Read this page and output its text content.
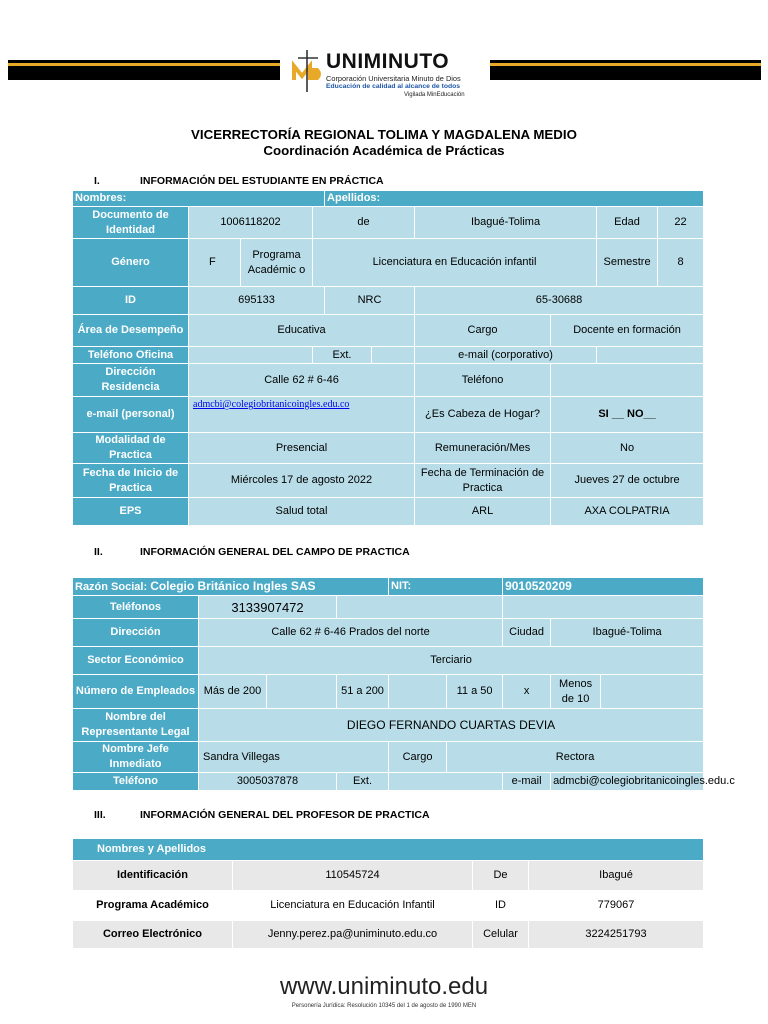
UNIMINUTO
Corporación Universitaria Minuto de Dios
Educación de calidad al alcance de todos
Vigilada MinEducación
VICERRECTORÍA REGIONAL TOLIMA Y MAGDALENA MEDIO
Coordinación Académica de Prácticas
I.	INFORMACIÓN DEL ESTUDIANTE EN PRÁCTICA
Nombres:				Apellidos:					
Documento de Identidad	1006118202		de			Ibagué-Tolima		Edad	22
Género	F	Programa Académic o	Licenciatura en Educación infantil					Semestre	8
ID	695133			NRC		65-30688			
Área de Desempeño	Educativa					Cargo	Docente en formación		
Teléfono Oficina			Ext.			e-mail (corporativo)			
Dirección Residencia	Calle 62 # 6-46					Teléfono			
e-mail (personal)	admcbi@colegiobritanicoingles.edu.co					¿Es Cabeza de Hogar?	SI __ NO__		
Modalidad de Practica	Presencial					Remuneración/Mes	No		
Fecha de Inicio de Practica	Miércoles 17 de agosto 2022					Fecha de Terminación de Practica	Jueves 27 de octubre		
EPS	Salud total					ARL	AXA COLPATRIA		
II.	INFORMACIÓN GENERAL DEL CAMPO DE PRACTICA
Razón Social: Colegio Británico Ingles SAS				NIT:		9010520209		
Teléfonos	3133907472							
Dirección	Calle 62 # 6-46 Prados del norte					Ciudad	Ibagué-Tolima	
Sector Económico	Terciario							
Número de Empleados	Más de 200		51 a 200		11 a 50	x	Menos de 10	
Nombre del Representante Legal	DIEGO FERNANDO CUARTAS DEVIA							
Nombre Jefe Inmediato	Sandra Villegas			Cargo	Rectora			
Teléfono	3005037878		Ext.			e-mail	admcbi@colegiobritanicoingles.edu.c	
III.	INFORMACIÓN GENERAL DEL PROFESOR DE PRACTICA
Nombres y Apellidos			
Identificación	110545724	De	Ibagué
Programa Académico	Licenciatura en Educación Infantil	ID	779067
Correo Electrónico	Jenny.perez.pa@uniminuto.edu.co	Celular	3224251793
www.uniminuto.edu
Personería Jurídica: Resolución 10345 del 1 de agosto de 1990 MEN
